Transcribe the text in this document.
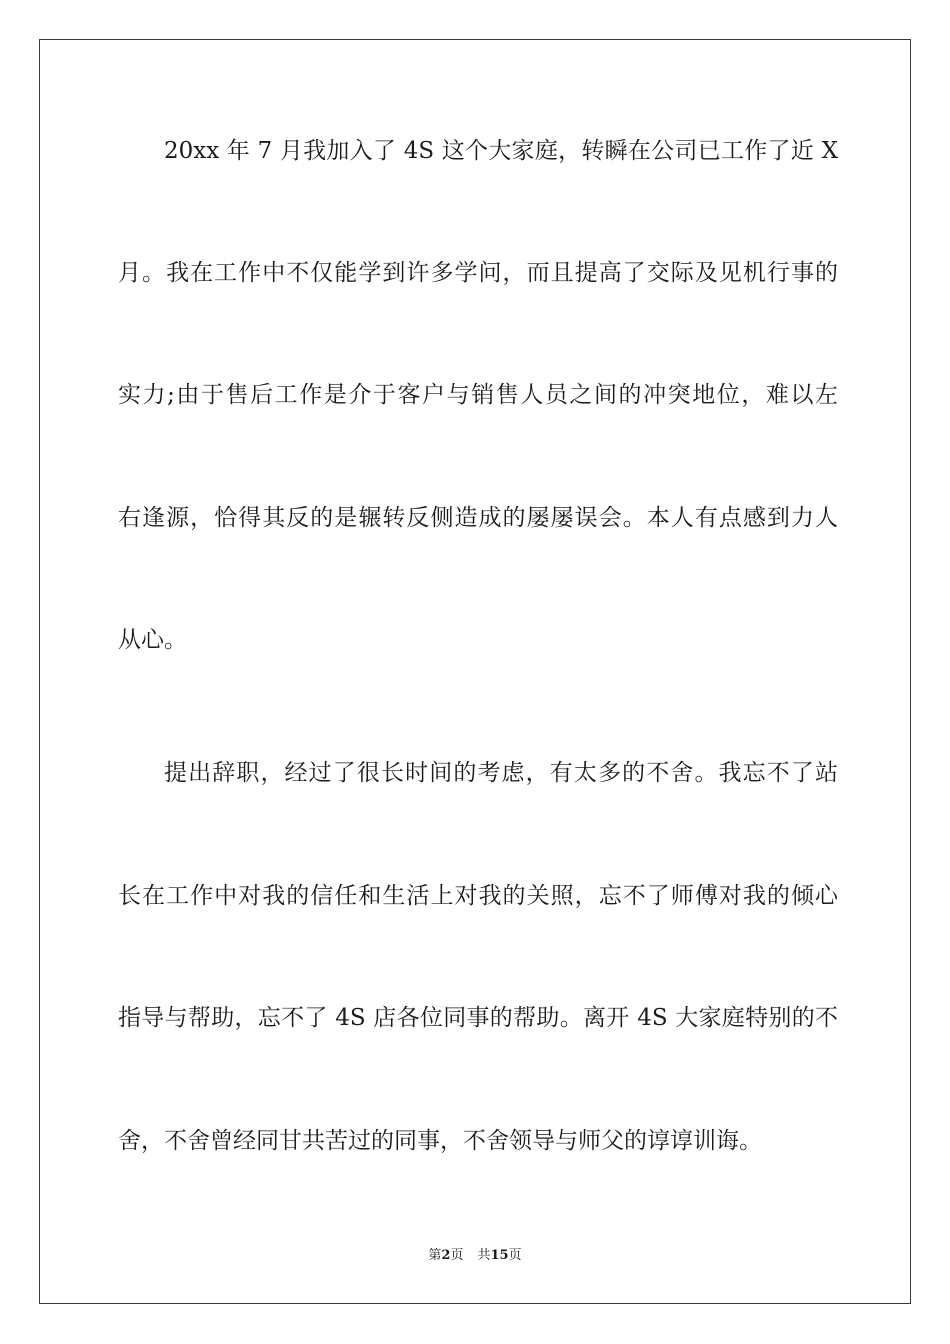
20xx 年 7 月我加入了 4S 这个大家庭，转瞬在公司已工作了近 X
月。我在工作中不仅能学到许多学问，而且提高了交际及见机行事的
实力;由于售后工作是介于客户与销售人员之间的冲突地位，难以左
右逢源，恰得其反的是辗转反侧造成的屡屡误会。本人有点感到力人
从心。
提出辞职，经过了很长时间的考虑，有太多的不舍。我忘不了站
长在工作中对我的信任和生活上对我的关照，忘不了师傅对我的倾心
指导与帮助，忘不了 4S 店各位同事的帮助。离开 4S 大家庭特别的不
舍，不舍曾经同甘共苦过的同事，不舍领导与师父的谆谆训诲。
第2页 共15页
